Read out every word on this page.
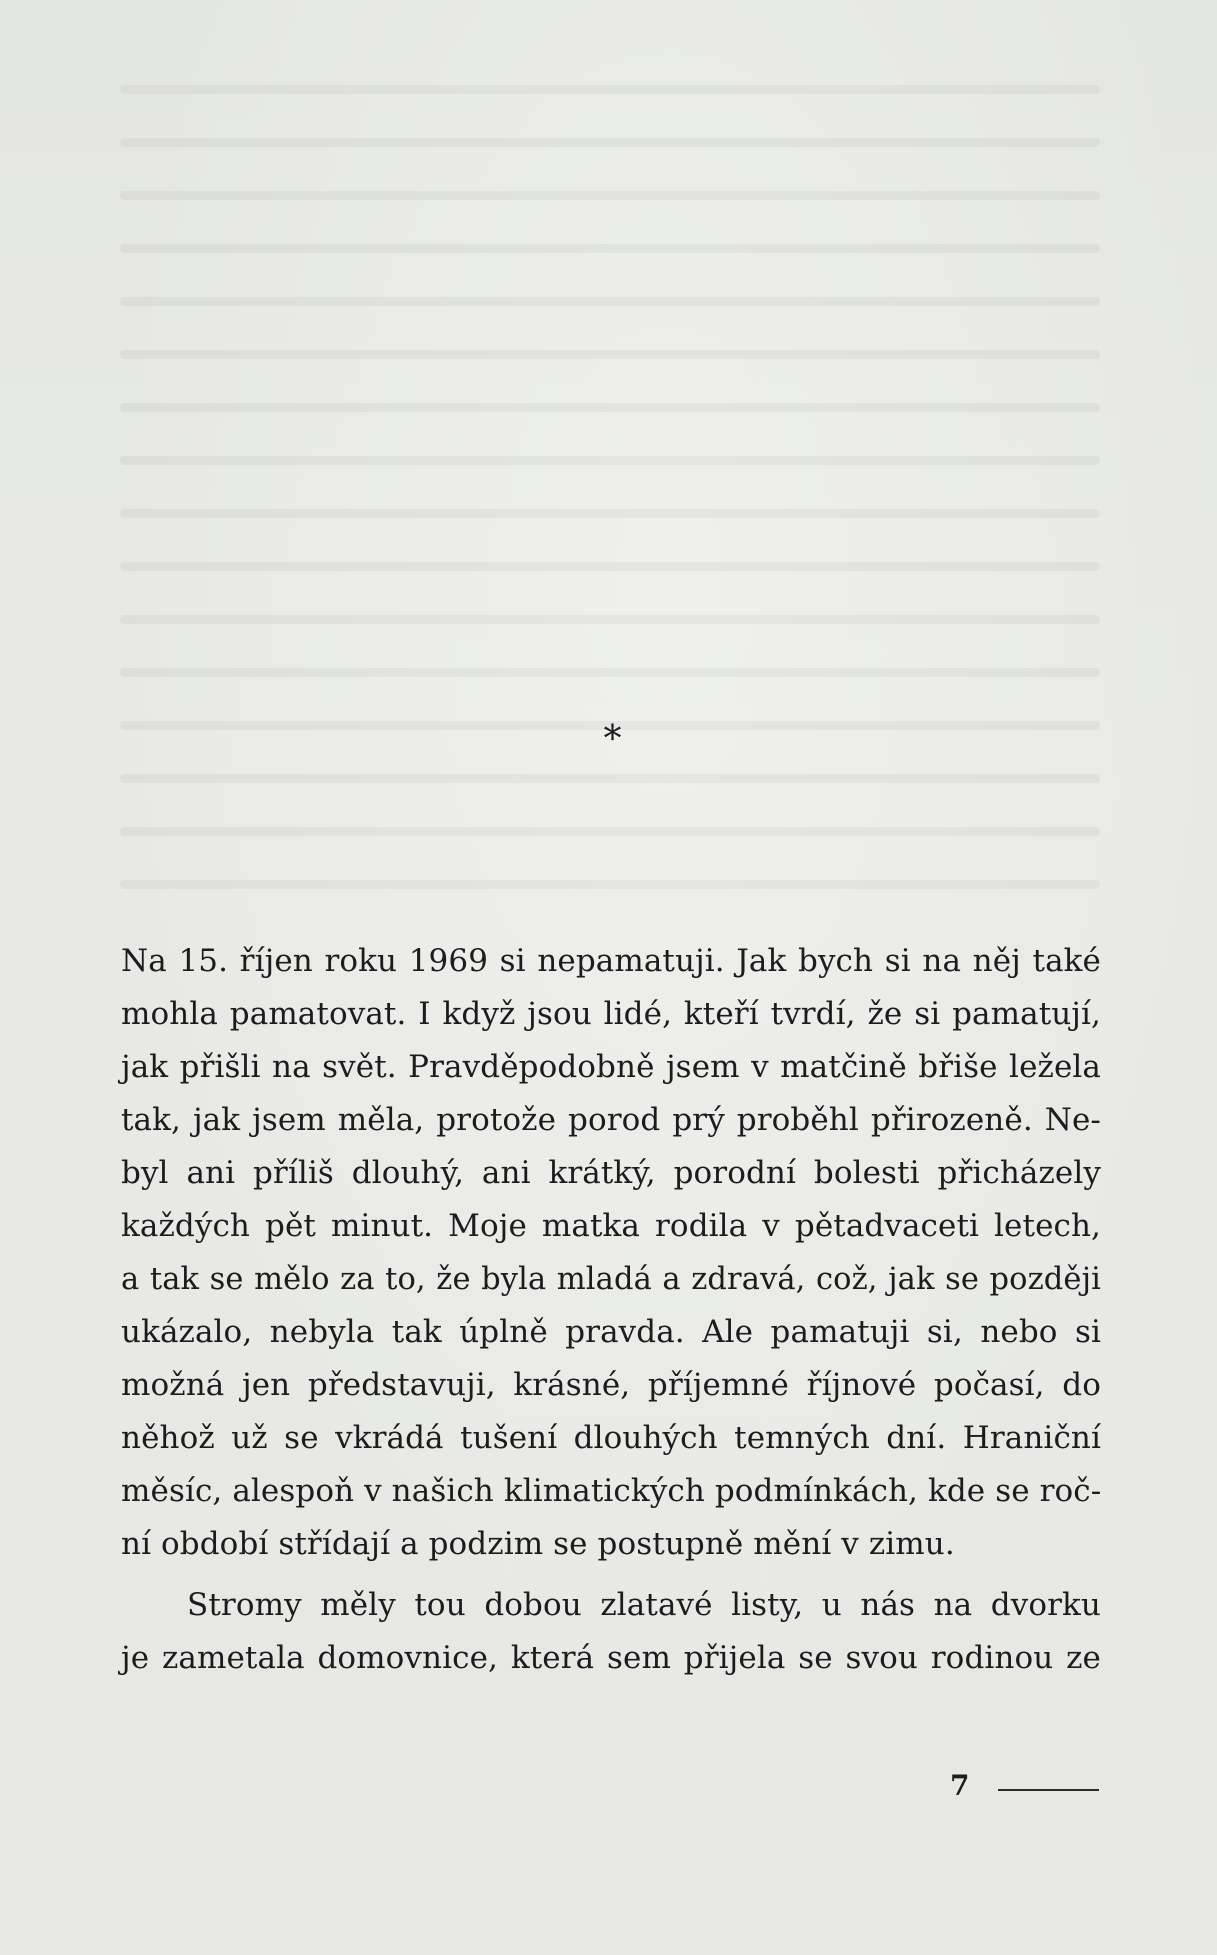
*
Na 15. říjen roku 1969 si nepamatuji. Jak bych si na něj také
mohla pamatovat. I když jsou lidé, kteří tvrdí, že si pamatují,
jak přišli na svět. Pravděpodobně jsem v matčině břiše ležela
tak, jak jsem měla, protože porod prý proběhl přirozeně. Ne-
byl ani příliš dlouhý, ani krátký, porodní bolesti přicházely
každých pět minut. Moje matka rodila v pětadvaceti letech,
a tak se mělo za to, že byla mladá a zdravá, což, jak se později
ukázalo, nebyla tak úplně pravda. Ale pamatuji si, nebo si
možná jen představuji, krásné, příjemné říjnové počasí, do
něhož už se vkrádá tušení dlouhých temných dní. Hraniční
měsíc, alespoň v našich klimatických podmínkách, kde se roč-
ní období střídají a podzim se postupně mění v zimu.
Stromy měly tou dobou zlatavé listy, u nás na dvorku
je zametala domovnice, která sem přijela se svou rodinou ze
7
